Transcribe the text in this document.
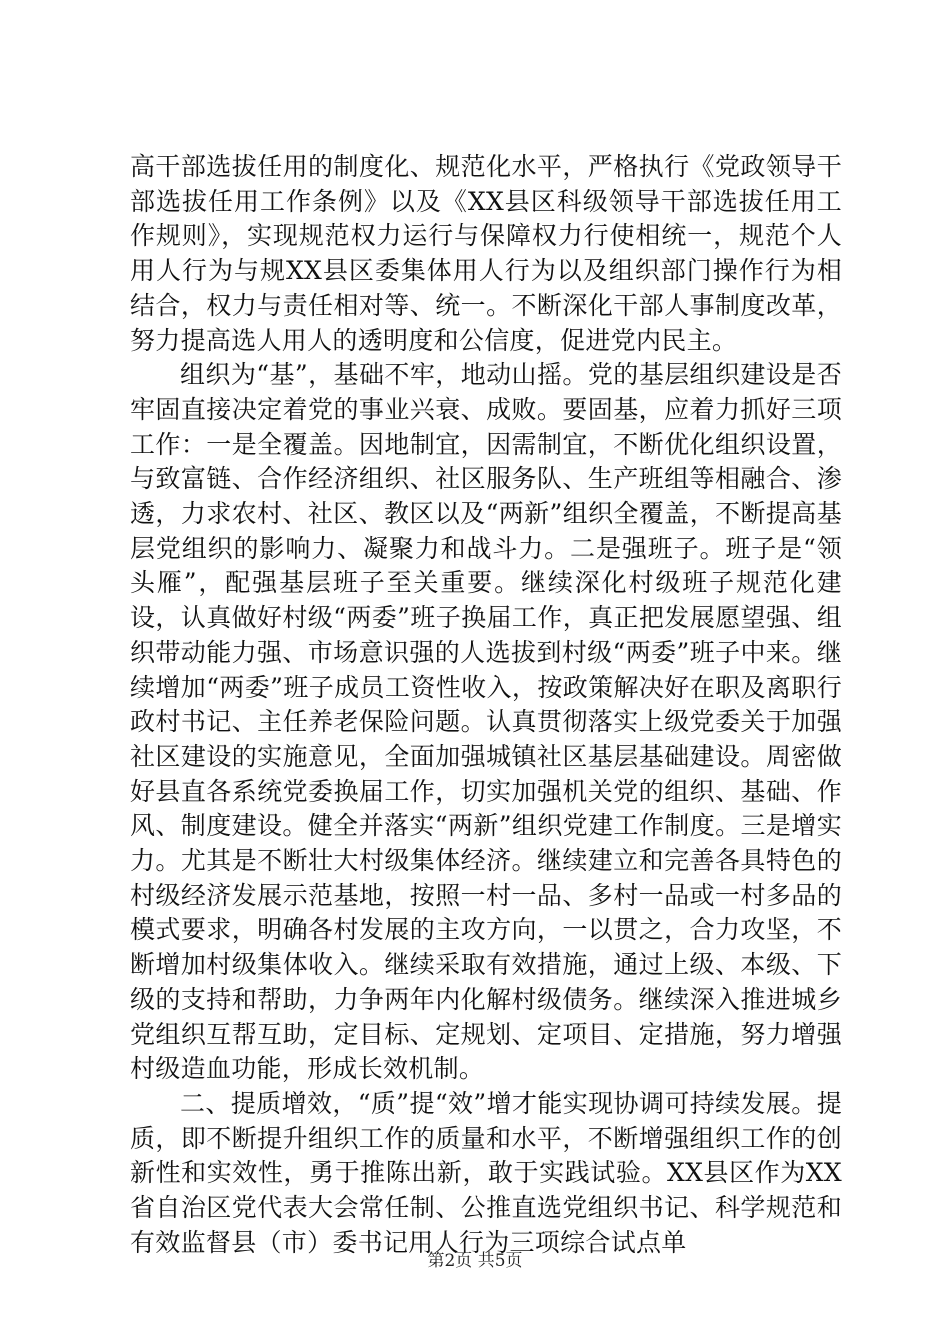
高干部选拔任用的制度化、规范化水平，严格执行《党政领导干部选拔任用工作条例》以及《XX县区科级领导干部选拔任用工作规则》，实现规范权力运行与保障权力行使相统一，规范个人用人行为与规XX县区委集体用人行为以及组织部门操作行为相结合，权力与责任相对等、统一。不断深化干部人事制度改革，努力提高选人用人的透明度和公信度，促进党内民主。

组织为“基”，基础不牢，地动山摇。党的基层组织建设是否牢固直接决定着党的事业兴衰、成败。要固基，应着力抓好三项工作：一是全覆盖。因地制宜，因需制宜，不断优化组织设置，与致富链、合作经济组织、社区服务队、生产班组等相融合、渗透，力求农村、社区、教区以及“两新”组织全覆盖，不断提高基层党组织的影响力、凝聚力和战斗力。二是强班子。班子是“领头雁”，配强基层班子至关重要。继续深化村级班子规范化建设，认真做好村级“两委”班子换届工作，真正把发展愿望强、组织带动能力强、市场意识强的人选拔到村级“两委”班子中来。继续增加“两委”班子成员工资性收入，按政策解决好在职及离职行政村书记、主任养老保险问题。认真贯彻落实上级党委关于加强社区建设的实施意见，全面加强城镇社区基层基础建设。周密做好县直各系统党委换届工作，切实加强机关党的组织、基础、作风、制度建设。健全并落实“两新”组织党建工作制度。三是增实力。尤其是不断壮大村级集体经济。继续建立和完善各具特色的村级经济发展示范基地，按照一村一品、多村一品或一村多品的模式要求，明确各村发展的主攻方向，一以贯之，合力攻坚，不断增加村级集体收入。继续采取有效措施，通过上级、本级、下级的支持和帮助，力争两年内化解村级债务。继续深入推进城乡党组织互帮互助，定目标、定规划、定项目、定措施，努力增强村级造血功能，形成长效机制。

二、提质增效，“质”提“效”增才能实现协调可持续发展。提质，即不断提升组织工作的质量和水平，不断增强组织工作的创新性和实效性，勇于推陈出新，敢于实践试验。XX县区作为XX省自治区党代表大会常任制、公推直选党组织书记、科学规范和有效监督县（市）委书记用人行为三项综合试点单

第2页 共5页
